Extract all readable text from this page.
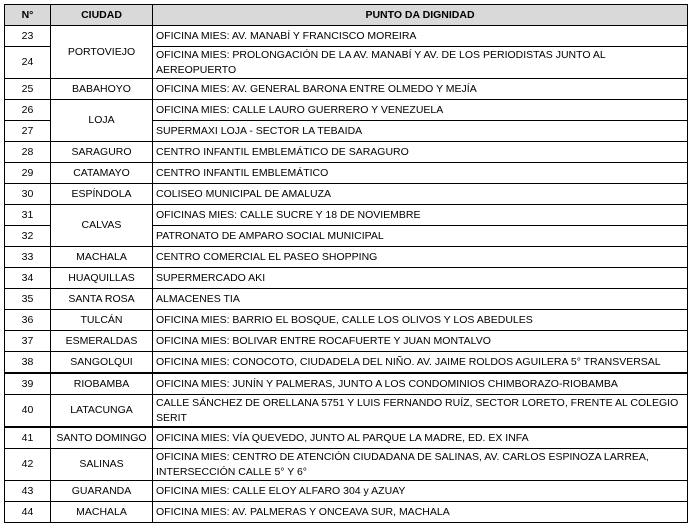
N°	CIUDAD	PUNTO DA DIGNIDAD
23	PORTOVIEJO	OFICINA MIES: AV. MANABÍ Y FRANCISCO MOREIRA
24		OFICINA MIES: PROLONGACIÓN DE LA AV. MANABÍ Y AV. DE LOS PERIODISTAS JUNTO AL AEREOPUERTO
25	BABAHOYO	OFICINA MIES: AV. GENERAL BARONA ENTRE OLMEDO Y MEJÍA
26	LOJA	OFICINA MIES: CALLE LAURO GUERRERO Y VENEZUELA
27		SUPERMAXI LOJA - SECTOR LA TEBAIDA
28	SARAGURO	CENTRO INFANTIL EMBLEMÁTICO DE SARAGURO
29	CATAMAYO	CENTRO INFANTIL EMBLEMÁTICO
30	ESPÍNDOLA	COLISEO MUNICIPAL DE AMALUZA
31	CALVAS	OFICINAS MIES: CALLE SUCRE Y 18 DE NOVIEMBRE
32		PATRONATO DE AMPARO SOCIAL MUNICIPAL
33	MACHALA	CENTRO COMERCIAL EL PASEO SHOPPING
34	HUAQUILLAS	SUPERMERCADO AKI
35	SANTA ROSA	ALMACENES TIA
36	TULCÁN	OFICINA MIES: BARRIO EL BOSQUE, CALLE LOS OLIVOS Y LOS ABEDULES
37	ESMERALDAS	OFICINA MIES: BOLIVAR ENTRE ROCAFUERTE Y JUAN MONTALVO
38	SANGOLQUI	OFICINA MIES: CONOCOTO, CIUDADELA DEL NIÑO. AV. JAIME ROLDOS AGUILERA 5° TRANSVERSAL
39	RIOBAMBA	OFICINA MIES: JUNÍN Y PALMERAS, JUNTO A LOS CONDOMINIOS CHIMBORAZO-RIOBAMBA
40	LATACUNGA	CALLE SÁNCHEZ DE ORELLANA 5751 Y LUIS FERNANDO RUÍZ, SECTOR LORETO, FRENTE AL COLEGIO SERIT
41	SANTO DOMINGO	OFICINA MIES: VÍA QUEVEDO, JUNTO AL PARQUE LA MADRE, ED. EX INFA
42	SALINAS	OFICINA MIES: CENTRO DE ATENCIÓN CIUDADANA DE SALINAS, AV. CARLOS ESPINOZA LARREA, INTERSECCIÓN CALLE 5° Y 6°
43	GUARANDA	OFICINA MIES: CALLE ELOY ALFARO 304 y AZUAY
44	MACHALA	OFICINA MIES: AV. PALMERAS Y ONCEAVA SUR, MACHALA
